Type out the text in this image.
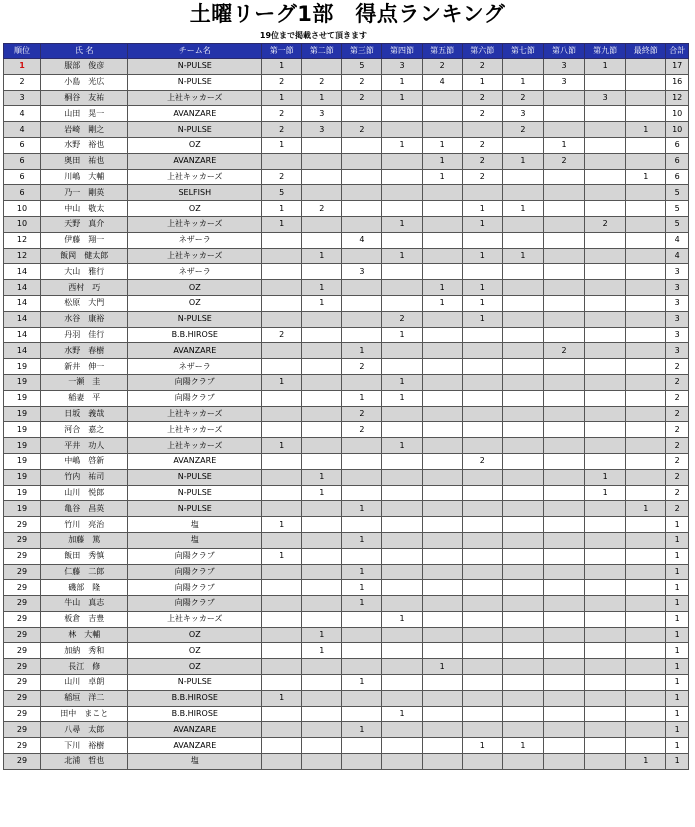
土曜リーグ1部　得点ランキング
19位まで掲載させて頂きます
順位	氏 名	チーム名	第一節	第二節	第三節	第四節	第五節	第六節	第七節	第八節	第九節	最終節	合計
1	服部　俊彦	N-PULSE	1		5	3	2	2		3	1		17
2	小島　光広	N-PULSE	2	2	2	1	4	1	1	3			16
3	桐谷　友祐	上社キッカーズ	1	1	2	1		2	2		3		12
4	山田　晃一	AVANZARE	2	3				2	3				10
4	岩崎　剛之	N-PULSE	2	3	2				2			1	10
6	水野　裕也	OZ	1			1	1	2		1			6
6	奥田　祐也	AVANZARE					1	2	1	2			6
6	川嶋　大輔	上社キッカーズ	2				1	2				1	6
6	乃一　剛英	SELFISH	5										5
10	中山　敬太	OZ	1	2				1	1				5
10	天野　真介	上社キッカーズ	1			1		1			2		5
12	伊藤　翔一	ネザーラ			4								4
12	飯岡　健太郎	上社キッカーズ		1		1		1	1				4
14	大山　雅行	ネザーラ			3								3
14	西村　巧	OZ		1			1	1					3
14	松原　大門	OZ		1			1	1					3
14	水谷　康裕	N-PULSE				2		1					3
14	丹羽　佳行	B.B.HIROSE	2			1							3
14	水野　春樹	AVANZARE			1					2			3
19	新井　伸一	ネザーラ			2								2
19	一瀬　圭	向陽クラブ	1			1							2
19	稲妻　平	向陽クラブ			1	1							2
19	日坂　義哉	上社キッカーズ			2								2
19	河合　嘉之	上社キッカーズ			2								2
19	平井　功人	上社キッカーズ	1			1							2
19	中嶋　啓新	AVANZARE						2					2
19	竹内　祐司	N-PULSE		1							1		2
19	山川　悦郎	N-PULSE		1							1		2
19	亀谷　昌英	N-PULSE			1							1	2
29	竹川　亮治	塩	1										1
29	加藤　篤	塩			1								1
29	飯田　秀慎	向陽クラブ	1										1
29	仁藤　二郎	向陽クラブ			1								1
29	磯部　隆	向陽クラブ			1								1
29	牛山　真志	向陽クラブ			1								1
29	板倉　吉豊	上社キッカーズ				1							1
29	林　大輔	OZ		1									1
29	加納　秀和	OZ		1									1
29	長江　修	OZ					1						1
29	山川　卓朗	N-PULSE			1								1
29	稲垣　洋二	B.B.HIROSE	1										1
29	田中　まこと	B.B.HIROSE				1							1
29	八尋　太郎	AVANZARE			1								1
29	下川　裕樹	AVANZARE						1	1				1
29	北浦　哲也	塩										1	1
